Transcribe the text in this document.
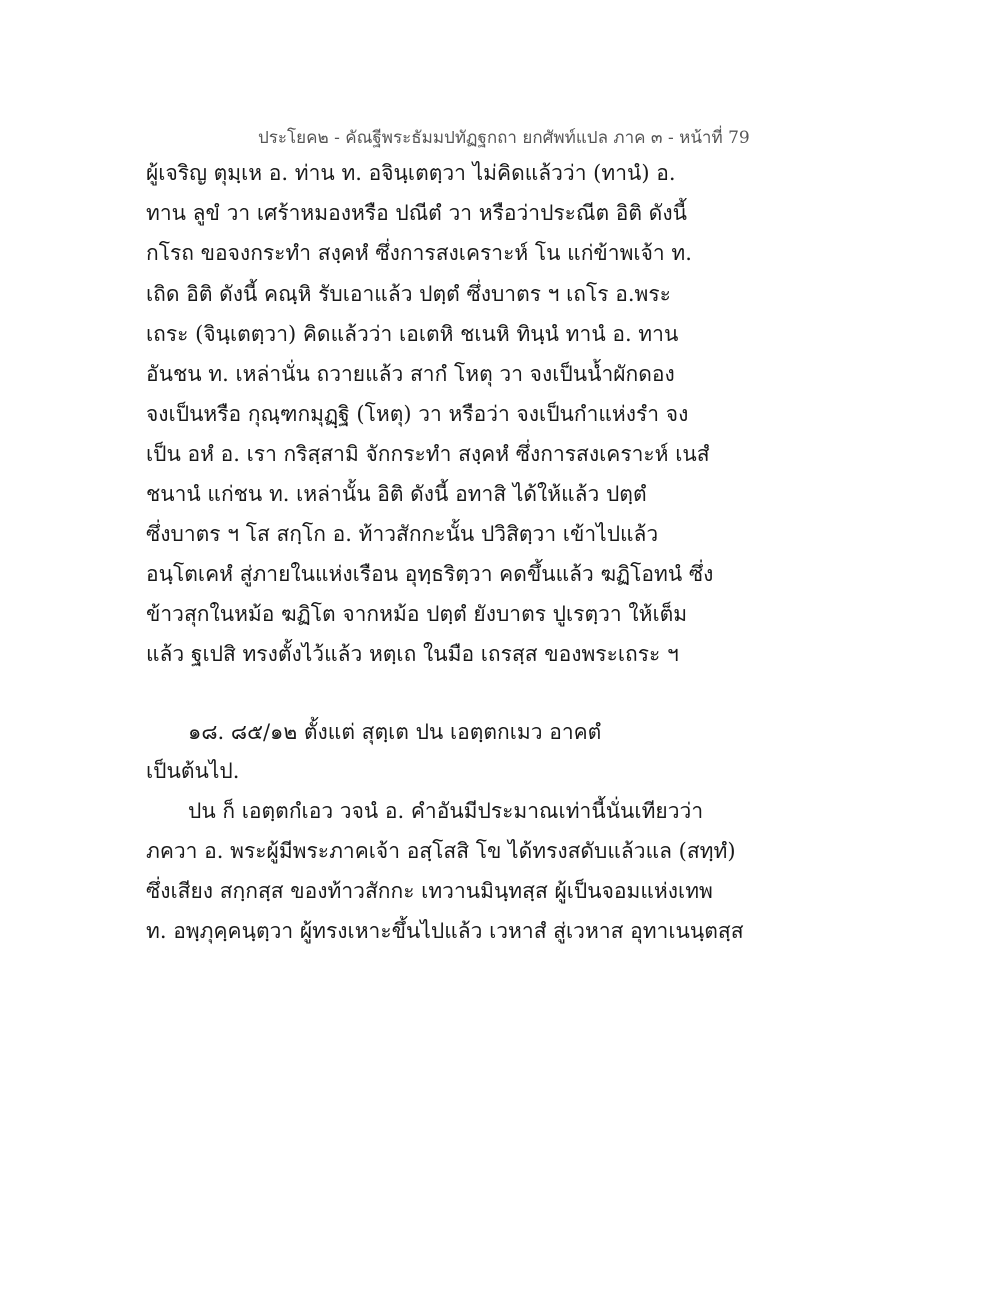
ประโยค๒ - คัณฐีพระธัมมปทัฏฐกถา ยกศัพท์แปล ภาค ๓ - หน้าที่ 79
ผู้เจริญ ตุมฺเห อ. ท่าน ท. อจินฺเตตฺวา ไม่คิดแล้วว่า (ทานํ) อ.
ทาน ลูขํ วา เศร้าหมองหรือ ปณีตํ วา หรือว่าประณีต อิติ ดังนี้
กโรถ ขอจงกระทำ สงฺคหํ ซึ่งการสงเคราะห์ โน แก่ข้าพเจ้า ท.
เถิด อิติ ดังนี้ คณฺหิ รับเอาแล้ว ปตฺตํ ซึ่งบาตร ฯ เถโร อ.พระ
เถระ (จินฺเตตฺวา) คิดแล้วว่า เอเตหิ ชเนหิ ทินฺนํ ทานํ อ. ทาน
อันชน ท. เหล่านั่น ถวายแล้ว สากํ โหตุ วา จงเป็นน้ำผักดอง
จงเป็นหรือ กุณฺฑกมุฏฺฐิ (โหตุ) วา หรือว่า จงเป็นกำแห่งรำ จง
เป็น อหํ อ. เรา กริสฺสามิ จักกระทำ สงฺคหํ ซึ่งการสงเคราะห์ เนสํ
ชนานํ แก่ชน ท. เหล่านั้น อิติ ดังนี้ อทาสิ ได้ให้แล้ว ปตฺตํ
ซึ่งบาตร ฯ โส สกฺโก อ. ท้าวสักกะนั้น ปวิสิตฺวา เข้าไปแล้ว
อนฺโตเคหํ สู่ภายในแห่งเรือน อุทฺธริตฺวา คดขึ้นแล้ว ฆฏิโอทนํ ซึ่ง
ข้าวสุกในหม้อ ฆฏิโต จากหม้อ ปตฺตํ ยังบาตร ปูเรตฺวา ให้เต็ม
แล้ว ฐเปสิ ทรงตั้งไว้แล้ว หตฺเถ ในมือ เถรสฺส ของพระเถระ ฯ
๑๘. ๘๕/๑๒ ตั้งแต่ สุตฺเต ปน เอตฺตกเมว อาคตํ
เป็นต้นไป.
ปน ก็ เอตฺตกํเอว วจนํ อ. คำอันมีประมาณเท่านี้นั่นเทียวว่า
ภควา อ. พระผู้มีพระภาคเจ้า อสฺโสสิ โข ได้ทรงสดับแล้วแล (สทฺทํ)
ซึ่งเสียง สกฺกสฺส ของท้าวสักกะ เทวานมินฺทสฺส ผู้เป็นจอมแห่งเทพ
ท. อพฺภุคฺคนฺตฺวา ผู้ทรงเหาะขึ้นไปแล้ว เวหาสํ สู่เวหาส อุทาเนนฺตสฺส
